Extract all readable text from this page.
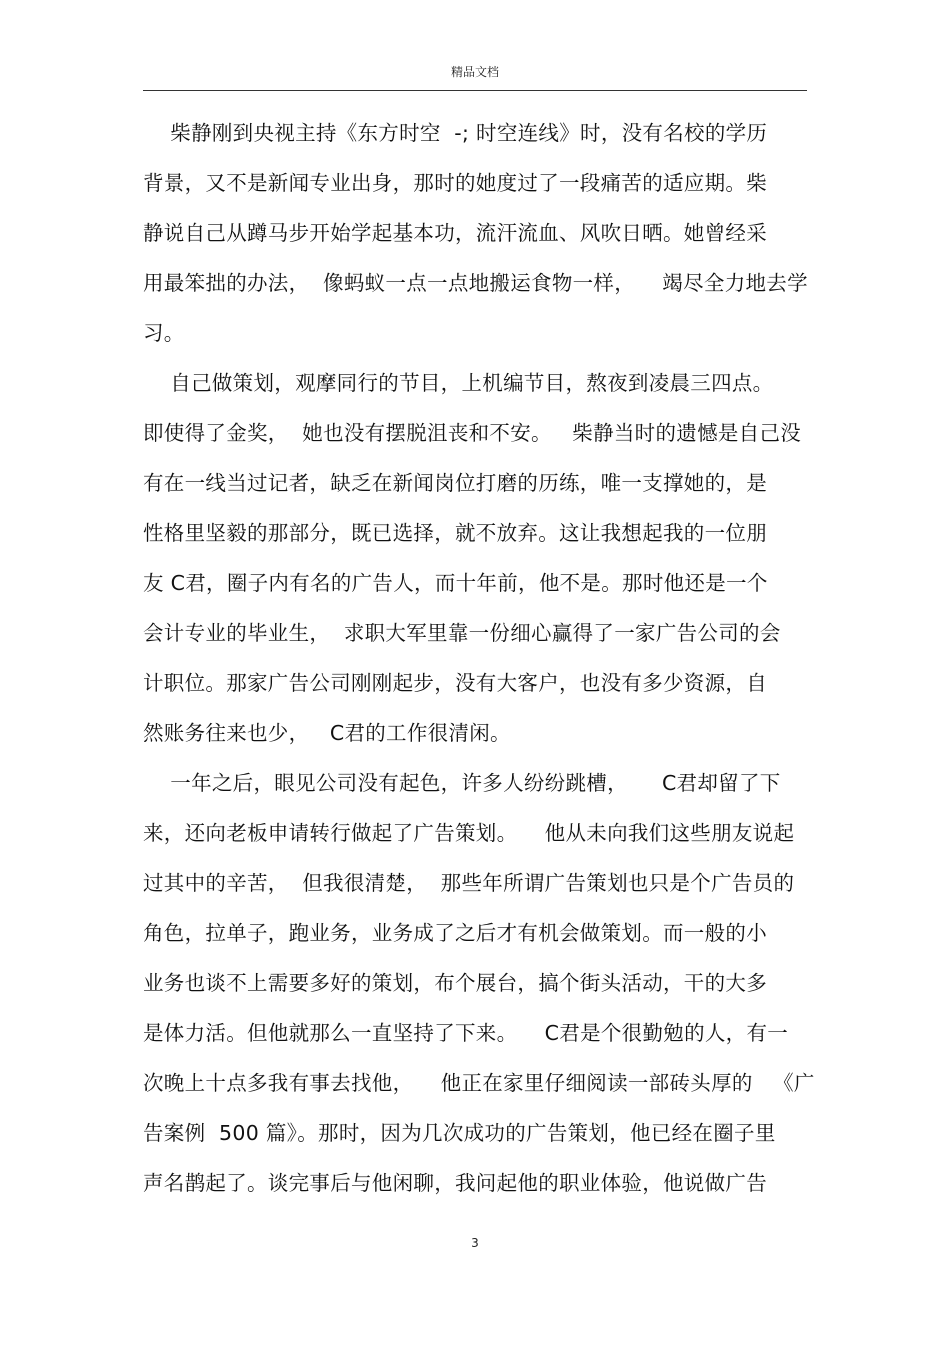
精品文档
柴静刚到央视主持《东方时空  -; 时空连线》时，没有名校的学历
背景，又不是新闻专业出身，那时的她度过了一段痛苦的适应期。柴
静说自己从蹲马步开始学起基本功，流汗流血、风吹日晒。她曾经采
用最笨拙的办法，  像蚂蚁一点一点地搬运食物一样，    竭尽全力地去学
习。
自己做策划，观摩同行的节目，上机编节目，熬夜到凌晨三四点。
即使得了金奖，  她也没有摆脱沮丧和不安。   柴静当时的遗憾是自己没
有在一线当过记者，缺乏在新闻岗位打磨的历练，唯一支撑她的，是
性格里坚毅的那部分，既已选择，就不放弃。这让我想起我的一位朋
友 C君，圈子内有名的广告人，而十年前，他不是。那时他还是一个
会计专业的毕业生，  求职大军里靠一份细心赢得了一家广告公司的会
计职位。那家广告公司刚刚起步，没有大客户，也没有多少资源，自
然账务往来也少，   C君的工作很清闲。
一年之后，眼见公司没有起色，许多人纷纷跳槽，     C君却留了下
来，还向老板申请转行做起了广告策划。    他从未向我们这些朋友说起
过其中的辛苦，  但我很清楚，  那些年所谓广告策划也只是个广告员的
角色，拉单子，跑业务，业务成了之后才有机会做策划。而一般的小
业务也谈不上需要多好的策划，布个展台，搞个街头活动，干的大多
是体力活。但他就那么一直坚持了下来。    C君是个很勤勉的人，有一
次晚上十点多我有事去找他，    他正在家里仔细阅读一部砖头厚的   《广
告案例  500 篇》。那时，因为几次成功的广告策划，他已经在圈子里
声名鹊起了。谈完事后与他闲聊，我问起他的职业体验，他说做广告
3
